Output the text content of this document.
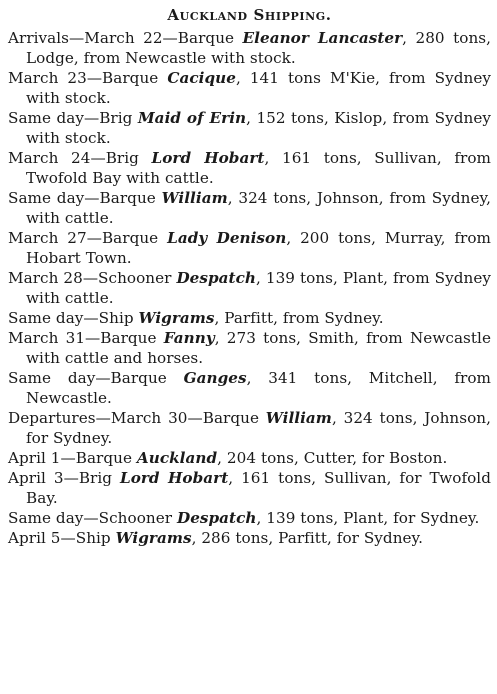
Auckland Shipping.
Arrivals—March 22—Barque Eleanor Lancaster, 280 tons, Lodge, from Newcastle with stock.
March 23—Barque Cacique, 141 tons M'Kie, from Sydney with stock.
Same day—Brig Maid of Erin, 152 tons, Kislop, from Sydney with stock.
March 24—Brig Lord Hobart, 161 tons, Sullivan, from Twofold Bay with cattle.
Same day—Barque William, 324 tons, Johnson, from Sydney, with cattle.
March 27—Barque Lady Denison, 200 tons, Murray, from Hobart Town.
March 28—Schooner Despatch, 139 tons, Plant, from Sydney with cattle.
Same day—Ship Wigrams, Parfitt, from Sydney.
March 31—Barque Fanny, 273 tons, Smith, from Newcastle with cattle and horses.
Same day—Barque Ganges, 341 tons, Mitchell, from Newcastle.
Departures—March 30—Barque William, 324 tons, Johnson, for Sydney.
April 1—Barque Auckland, 204 tons, Cutter, for Boston.
April 3—Brig Lord Hobart, 161 tons, Sullivan, for Twofold Bay.
Same day—Schooner Despatch, 139 tons, Plant, for Sydney.
April 5—Ship Wigrams, 286 tons, Parfitt, for Sydney.
